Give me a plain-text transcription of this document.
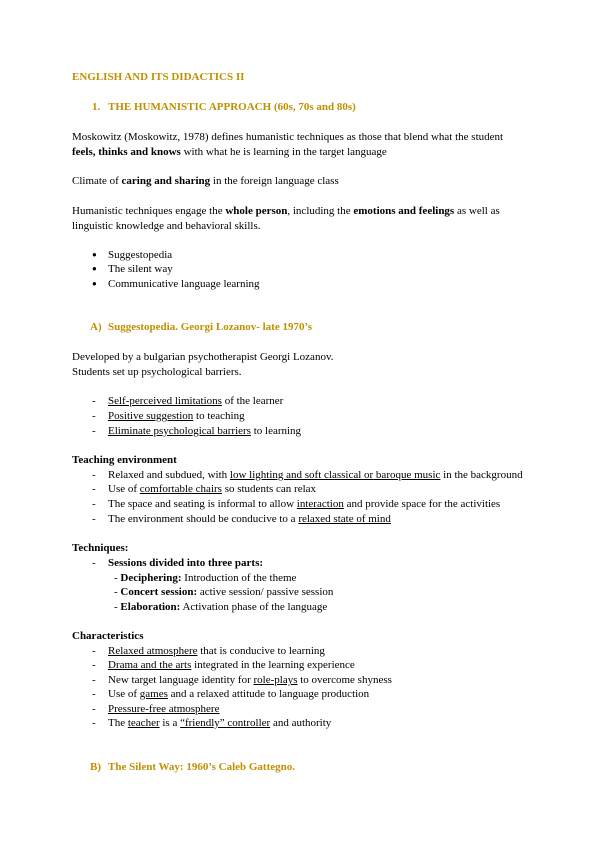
ENGLISH AND ITS DIDACTICS II
1. THE HUMANISTIC APPROACH (60s, 70s and 80s)
Moskowitz (Moskowitz, 1978) defines humanistic techniques as those that blend what the student
feels, thinks and knows with what he is learning in the target language
Climate of caring and sharing in the foreign language class
Humanistic techniques engage the whole person, including the emotions and feelings as well as
linguistic knowledge and behavioral skills.
● Suggestopedia
● The silent way
● Communicative language learning
A) Suggestopedia. Georgi Lozanov- late 1970’s
Developed by a bulgarian psychotherapist Georgi Lozanov.
Students set up psychological barriers.
- Self-perceived limitations of the learner
- Positive suggestion to teaching
- Eliminate psychological barriers to learning
Teaching environment
- Relaxed and subdued, with low lighting and soft classical or baroque music in the background
- Use of comfortable chairs so students can relax
- The space and seating is informal to allow interaction and provide space for the activities
- The environment should be conducive to a relaxed state of mind
Techniques:
- Sessions divided into three parts:
- Deciphering: Introduction of the theme
- Concert session: active session/ passive session
- Elaboration: Activation phase of the language
Characteristics
- Relaxed atmosphere that is conducive to learning
- Drama and the arts integrated in the learning experience
- New target language identity for role-plays to overcome shyness
- Use of games and a relaxed attitude to language production
- Pressure-free atmosphere
- The teacher is a “friendly” controller and authority
B) The Silent Way: 1960’s Caleb Gattegno.
